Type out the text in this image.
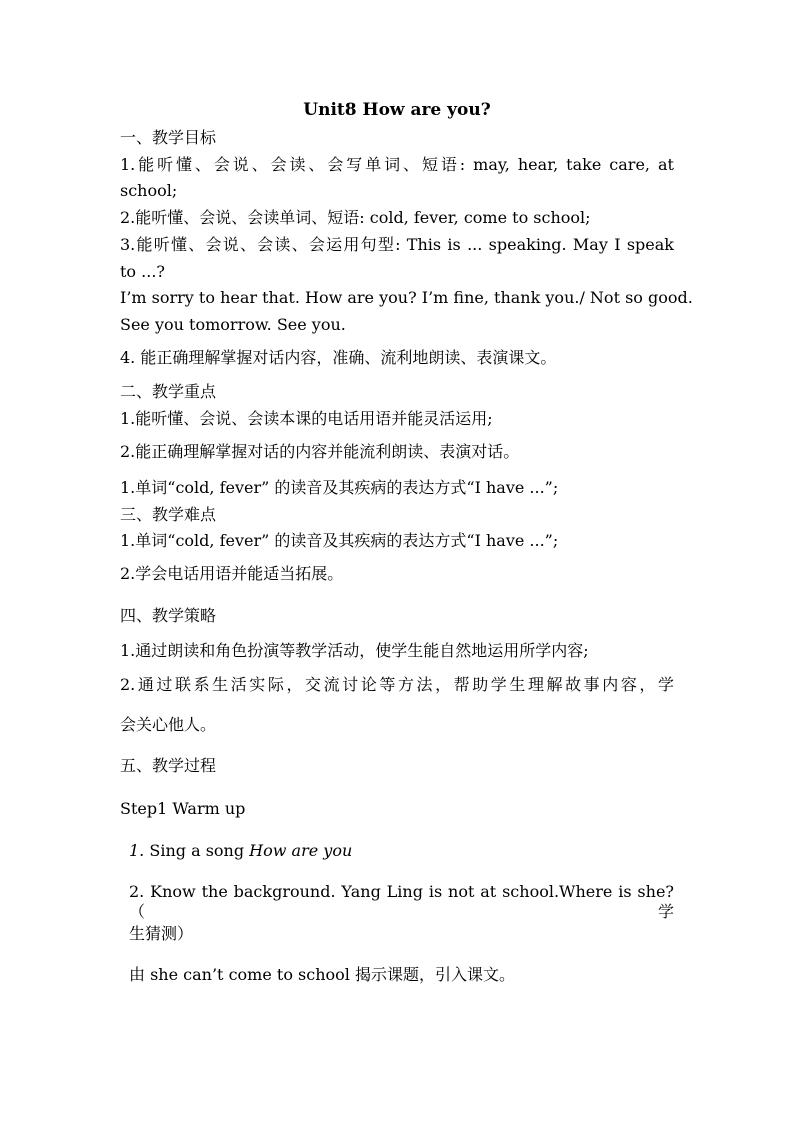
Unit8 How are you?
一、教学目标
1.能听懂、会说、会读、会写单词、短语: may, hear, take care, at
school;
2.能听懂、会说、会读单词、短语: cold, fever, come to school;
3.能听懂、会说、会读、会运用句型: This is ... speaking. May I speak
to ...?
I’m sorry to hear that. How are you? I’m fine, thank you./ Not so good.
See you tomorrow. See you.
4. 能正确理解掌握对话内容，准确、流利地朗读、表演课文。
二、教学重点
1.能听懂、会说、会读本课的电话用语并能灵活运用;
2.能正确理解掌握对话的内容并能流利朗读、表演对话。
1.单词“cold, fever” 的读音及其疾病的表达方式“I have ...”;
三、教学难点
1.单词“cold, fever” 的读音及其疾病的表达方式“I have ...”;
2.学会电话用语并能适当拓展。
四、教学策略
1.通过朗读和角色扮演等教学活动，使学生能自然地运用所学内容;
2.通过联系生活实际，交流讨论等方法，帮助学生理解故事内容，学
会关心他人。
五、教学过程
Step1 Warm up
1. Sing a song How are you
2. Know the background. Yang Ling is not at school.Where is she?（学
生猜测）
由 she can’t come to school 揭示课题，引入课文。
